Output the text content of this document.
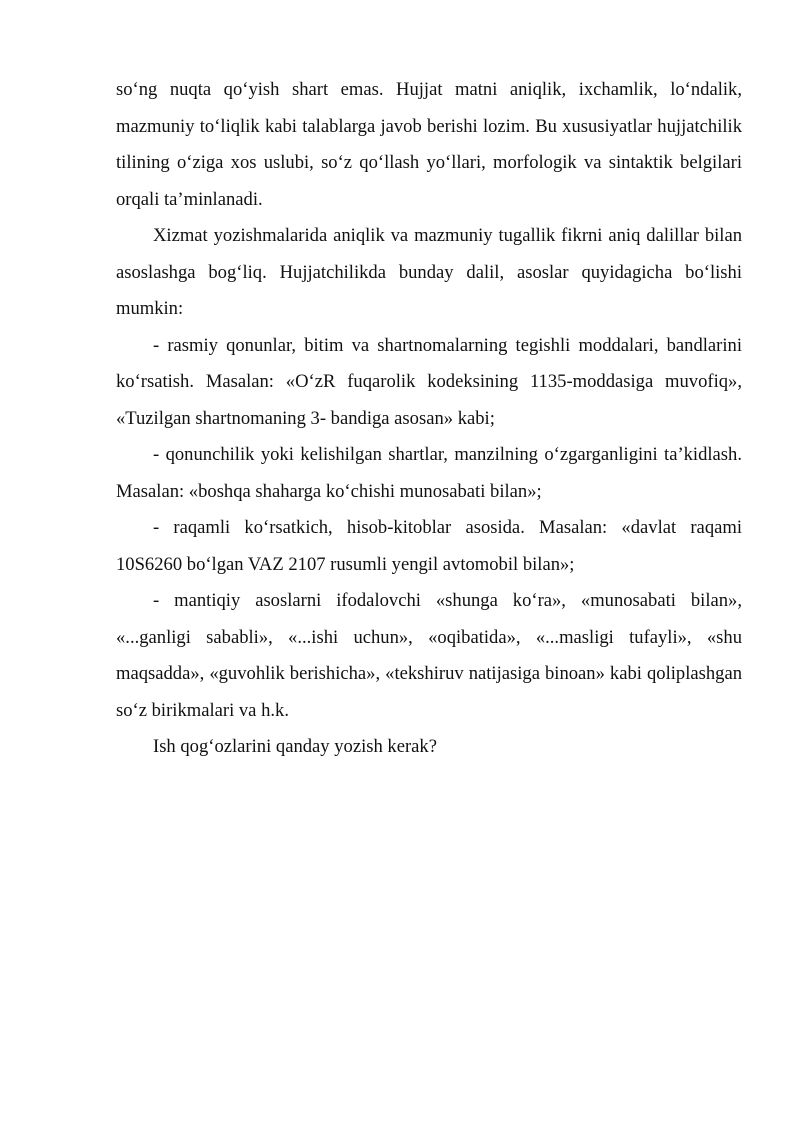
so‘ng nuqta qo‘yish shart emas. Hujjat matni aniqlik, ixchamlik, lo‘ndalik, mazmuniy to‘liqlik kabi talablarga javob berishi lozim. Bu xususiyatlar hujjatchilik tilining o‘ziga xos uslubi, so‘z qo‘llash yo‘llari, morfologik va sintaktik belgilari orqali ta’minlanadi.

Xizmat yozishmalarida aniqlik va mazmuniy tugallik fikrni aniq dalillar bilan asoslashga bog‘liq. Hujjatchilikda bunday dalil, asoslar quyidagicha bo‘lishi mumkin:

- rasmiy qonunlar, bitim va shartnomalarning tegishli moddalari, bandlarini ko‘rsatish. Masalan: «O‘zR fuqarolik kodeksining 1135-moddasiga muvofiq», «Tuzilgan shartnomaning 3- bandiga asosan» kabi;

- qonunchilik yoki kelishilgan shartlar, manzilning o‘zgarganligini ta’kidlash. Masalan: «boshqa shaharga ko‘chishi munosabati bilan»;

- raqamli ko‘rsatkich, hisob-kitoblar asosida. Masalan: «davlat raqami 10S6260 bo‘lgan VAZ 2107 rusumli yengil avtomobil bilan»;

- mantiqiy asoslarni ifodalovchi «shunga ko‘ra», «munosabati bilan», «...ganligi sababli», «...ishi uchun», «oqibatida», «...masligi tufayli», «shu maqsadda», «guvohlik berishicha», «tekshiruv natijasiga binoan» kabi qoliplashgan so‘z birikmalari va h.k.

Ish qog‘ozlarini qanday yozish kerak?
